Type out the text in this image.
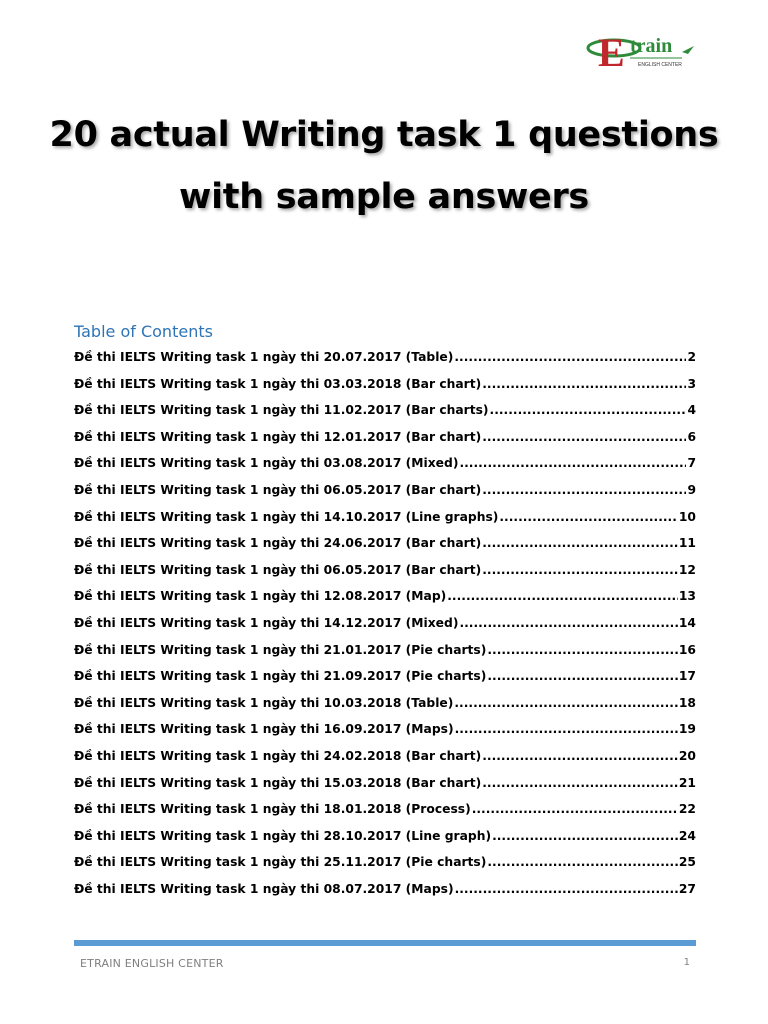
E train
ENGLISH CENTER
20 actual Writing task 1 questions
with sample answers
Table of Contents
Đề thi IELTS Writing task 1 ngày thi 20.07.2017 (Table) .....	2
Đề thi IELTS Writing task 1 ngày thi 03.03.2018 (Bar chart) .....	3
Đề thi IELTS Writing task 1 ngày thi 11.02.2017 (Bar charts) .....	4
Đề thi IELTS Writing task 1 ngày thi 12.01.2017 (Bar chart) .....	6
Đề thi IELTS Writing task 1 ngày thi 03.08.2017 (Mixed) .....	7
Đề thi IELTS Writing task 1 ngày thi 06.05.2017 (Bar chart) .....	9
Đề thi IELTS Writing task 1 ngày thi 14.10.2017 (Line graphs) .....	10
Đề thi IELTS Writing task 1 ngày thi 24.06.2017 (Bar chart) .....	11
Đề thi IELTS Writing task 1 ngày thi 06.05.2017 (Bar chart) .....	12
Đề thi IELTS Writing task 1 ngày thi 12.08.2017 (Map) .....	13
Đề thi IELTS Writing task 1 ngày thi 14.12.2017 (Mixed) .....	14
Đề thi IELTS Writing task 1 ngày thi 21.01.2017 (Pie charts) .....	16
Đề thi IELTS Writing task 1 ngày thi 21.09.2017 (Pie charts) .....	17
Đề thi IELTS Writing task 1 ngày thi 10.03.2018 (Table) .....	18
Đề thi IELTS Writing task 1 ngày thi 16.09.2017 (Maps) .....	19
Đề thi IELTS Writing task 1 ngày thi 24.02.2018 (Bar chart) .....	20
Đề thi IELTS Writing task 1 ngày thi 15.03.2018 (Bar chart) .....	21
Đề thi IELTS Writing task 1 ngày thi 18.01.2018 (Process) .....	22
Đề thi IELTS Writing task 1 ngày thi 28.10.2017 (Line graph) .....	24
Đề thi IELTS Writing task 1 ngày thi 25.11.2017 (Pie charts) .....	25
Đề thi IELTS Writing task 1 ngày thi 08.07.2017 (Maps) .....	27
ETRAIN ENGLISH CENTER	1
